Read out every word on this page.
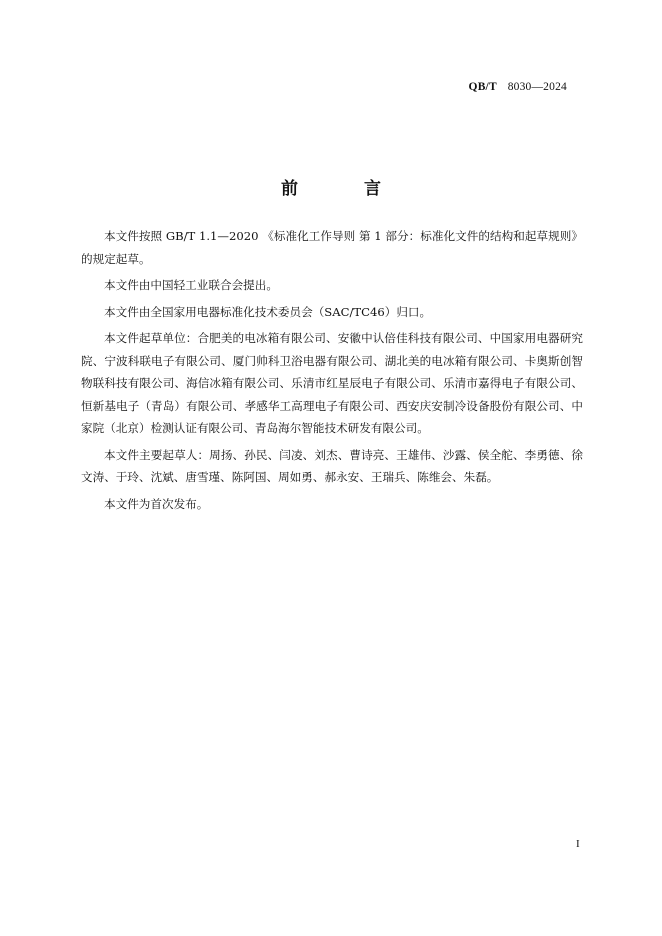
QB/T 8030—2024
前 言

本文件按照 GB/T 1.1—2020 《标准化工作导则 第 1 部分：标准化文件的结构和起草规则》的规定起草。

本文件由中国轻工业联合会提出。

本文件由全国家用电器标准化技术委员会（SAC/TC46）归口。

本文件起草单位：合肥美的电冰箱有限公司、安徽中认倍佳科技有限公司、中国家用电器研究院、宁波科联电子有限公司、厦门帅科卫浴电器有限公司、湖北美的电冰箱有限公司、卡奥斯创智物联科技有限公司、海信冰箱有限公司、乐清市红星辰电子有限公司、乐清市嘉得电子有限公司、恒新基电子（青岛）有限公司、孝感华工高理电子有限公司、西安庆安制冷设备股份有限公司、中家院（北京）检测认证有限公司、青岛海尔智能技术研发有限公司。

本文件主要起草人：周扬、孙民、闫凌、刘杰、曹诗亮、王雄伟、沙露、侯全舵、李勇德、徐文涛、于玲、沈斌、唐雪瑾、陈阿国、周如勇、郝永安、王瑞兵、陈维会、朱磊。

本文件为首次发布。

I
